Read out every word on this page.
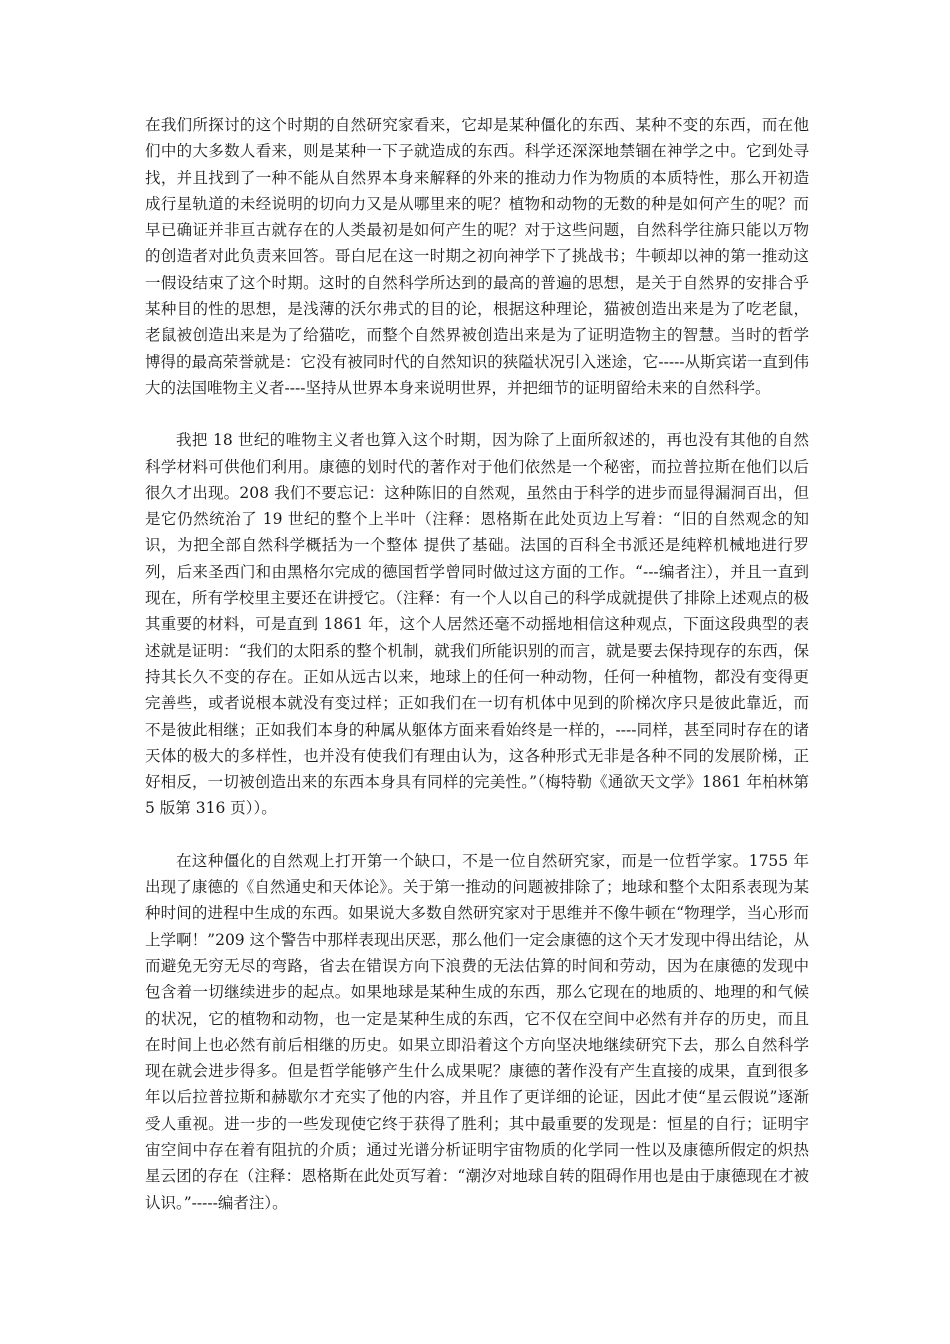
在我们所探讨的这个时期的自然研究家看来，它却是某种僵化的东西、某种不变的东西，而在他们中的大多数人看来，则是某种一下子就造成的东西。科学还深深地禁锢在神学之中。它到处寻找，并且找到了一种不能从自然界本身来解释的外来的推动力作为物质的本质特性，那么开初造成行星轨道的未经说明的切向力又是从哪里来的呢？植物和动物的无数的种是如何产生的呢？而早已确证并非亘古就存在的人类最初是如何产生的呢？对于这些问题，自然科学往旆只能以万物的创造者对此负责来回答。哥白尼在这一时期之初向神学下了挑战书；牛顿却以神的第一推动这一假设结束了这个时期。这时的自然科学所达到的最高的普遍的思想，是关于自然界的安排合乎某种目的性的思想，是浅薄的沃尔弗式的目的论，根据这种理论，猫被创造出来是为了吃老鼠，老鼠被创造出来是为了给猫吃，而整个自然界被创造出来是为了证明造物主的智慧。当时的哲学博得的最高荣誉就是：它没有被同时代的自然知识的狭隘状况引入迷途，它-----从斯宾诺一直到伟大的法国唯物主义者----坚持从世界本身来说明世界，并把细节的证明留给未来的自然科学。

我把 18 世纪的唯物主义者也算入这个时期，因为除了上面所叙述的，再也没有其他的自然科学材料可供他们利用。康德的划时代的著作对于他们依然是一个秘密，而拉普拉斯在他们以后很久才出现。208 我们不要忘记：这种陈旧的自然观，虽然由于科学的进步而显得漏洞百出，但是它仍然统治了 19 世纪的整个上半叶（注释：恩格斯在此处页边上写着：“旧的自然观念的知识，为把全部自然科学概括为一个整体 提供了基础。法国的百科全书派还是纯粹机械地进行罗列，后来圣西门和由黑格尔完成的德国哲学曾同时做过这方面的工作。“---编者注），并且一直到现在，所有学校里主要还在讲授它。（注释：有一个人以自己的科学成就提供了排除上述观点的极其重要的材料，可是直到 1861 年，这个人居然还毫不动摇地相信这种观点，下面这段典型的表述就是证明：“我们的太阳系的整个机制，就我们所能识别的而言，就是要去保持现存的东西，保持其长久不变的存在。正如从远古以来，地球上的任何一种动物，任何一种植物，都没有变得更完善些，或者说根本就没有变过样；正如我们在一切有机体中见到的阶梯次序只是彼此靠近，而不是彼此相继；正如我们本身的种属从躯体方面来看始终是一样的，----同样，甚至同时存在的诸天体的极大的多样性，也并没有使我们有理由认为，这各种形式无非是各种不同的发展阶梯，正好相反，一切被创造出来的东西本身具有同样的完美性。”（梅特勒《通欲天文学》1861 年柏林第 5 版第 316 页））。

在这种僵化的自然观上打开第一个缺口，不是一位自然研究家，而是一位哲学家。1755 年出现了康德的《自然通史和天体论》。关于第一推动的问题被排除了；地球和整个太阳系表现为某种时间的进程中生成的东西。如果说大多数自然研究家对于思维并不像牛顿在“物理学，当心形而上学啊！”209 这个警告中那样表现出厌恶，那么他们一定会康德的这个天才发现中得出结论，从而避免无穷无尽的弯路，省去在错误方向下浪费的无法估算的时间和劳动，因为在康德的发现中包含着一切继续进步的起点。如果地球是某种生成的东西，那么它现在的地质的、地理的和气候的状况，它的植物和动物，也一定是某种生成的东西，它不仅在空间中必然有并存的历史，而且在时间上也必然有前后相继的历史。如果立即沿着这个方向坚决地继续研究下去，那么自然科学现在就会进步得多。但是哲学能够产生什么成果呢？康德的著作没有产生直接的成果，直到很多年以后拉普拉斯和赫歇尔才充实了他的内容，并且作了更详细的论证，因此才使“星云假说”逐渐受人重视。进一步的一些发现使它终于获得了胜利；其中最重要的发现是：恒星的自行；证明宇宙空间中存在着有阻抗的介质；通过光谱分析证明宇宙物质的化学同一性以及康德所假定的炽热星云团的存在（注释：恩格斯在此处页写着：“潮汐对地球自转的阻碍作用也是由于康德现在才被认识。”-----编者注）。
